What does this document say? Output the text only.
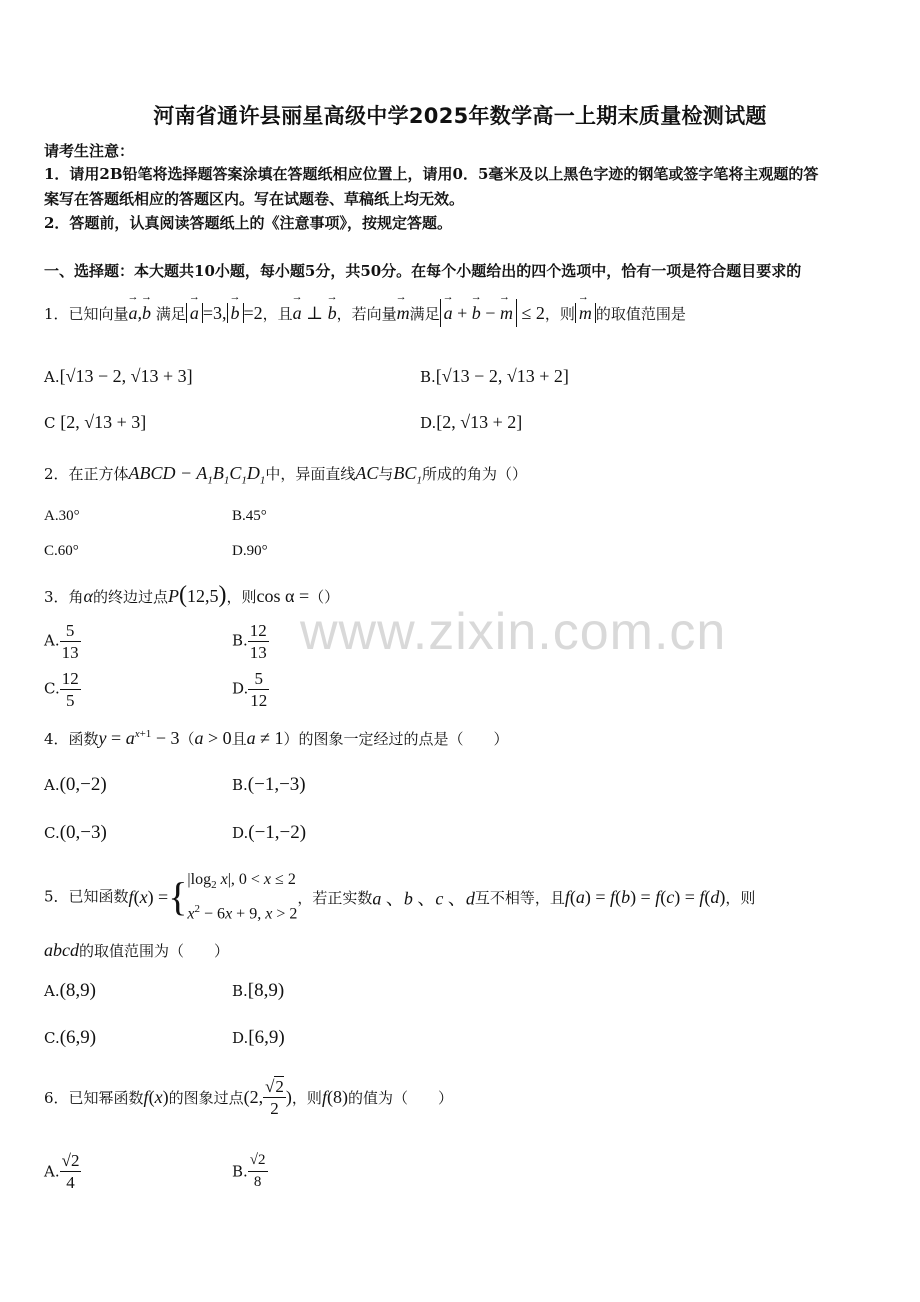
www.zixin.com.cn
河南省通许县丽星高级中学2025年数学高一上期末质量检测试题
请考生注意：
1．请用2B铅笔将选择题答案涂填在答题纸相应位置上，请用0．5毫米及以上黑色字迹的钢笔或签字笔将主观题的答
案写在答题纸相应的答题区内。写在试题卷、草稿纸上均无效。
2．答题前，认真阅读答题纸上的《注意事项》，按规定答题。
一、选择题：本大题共10小题，每小题5分，共50分。在每个小题给出的四个选项中，恰有一项是符合题目要求的
1．已知向量→ a,→ b 满足 → a =3, → b =2，且→ a ⊥ → b，若向量→ m满足 → a + → b − → m ≤ 2，则 → m 的取值范围是
A.[√13 − 2, √13 + 3]	B.[√13 − 2, √13 + 2]
C [2, √13 + 3]	D.[2, √13 + 2]
2．在正方体ABCD − $A_1B_1C_1D_1$中，异面直线AC与$BC_1$所成的角为（）
A.30°	B.45°
C.60°	D.90°
3．角α的终边过点P(12,5)，则cos α =（）
A. $\frac{5}{13}$	B. $\frac{12}{13}$
C. $\frac{12}{5}$	D. $\frac{5}{12}$
4．函数$y = a^{x+1} - 3(a > 0$且a ≠ 1）的图象一定经过的点是（　　）
A.(0,−2)	B.(−1,−3)
C.(0,−3)	D.(−1,−2)
5．已知函数f(x) ={ $|\log_2$ x|, 0 < x ≤ 2
$x^2 - 6x + 9$, x > 2
，若正实数a 、b 、c 、d互不相等，且f(a) = f(b) = f(c) = f(d)，则
abcd的取值范围为（　　）
A.(8,9)	B.[8,9)
C.(6,9)	D.[6,9)
6．已知幂函数f(x)的图象过点(2, $\frac{√2}{2}$ )，则f(8)的值为（　　）
A. $\frac{√2}{4}$	B. $\frac{√2}{8}$
